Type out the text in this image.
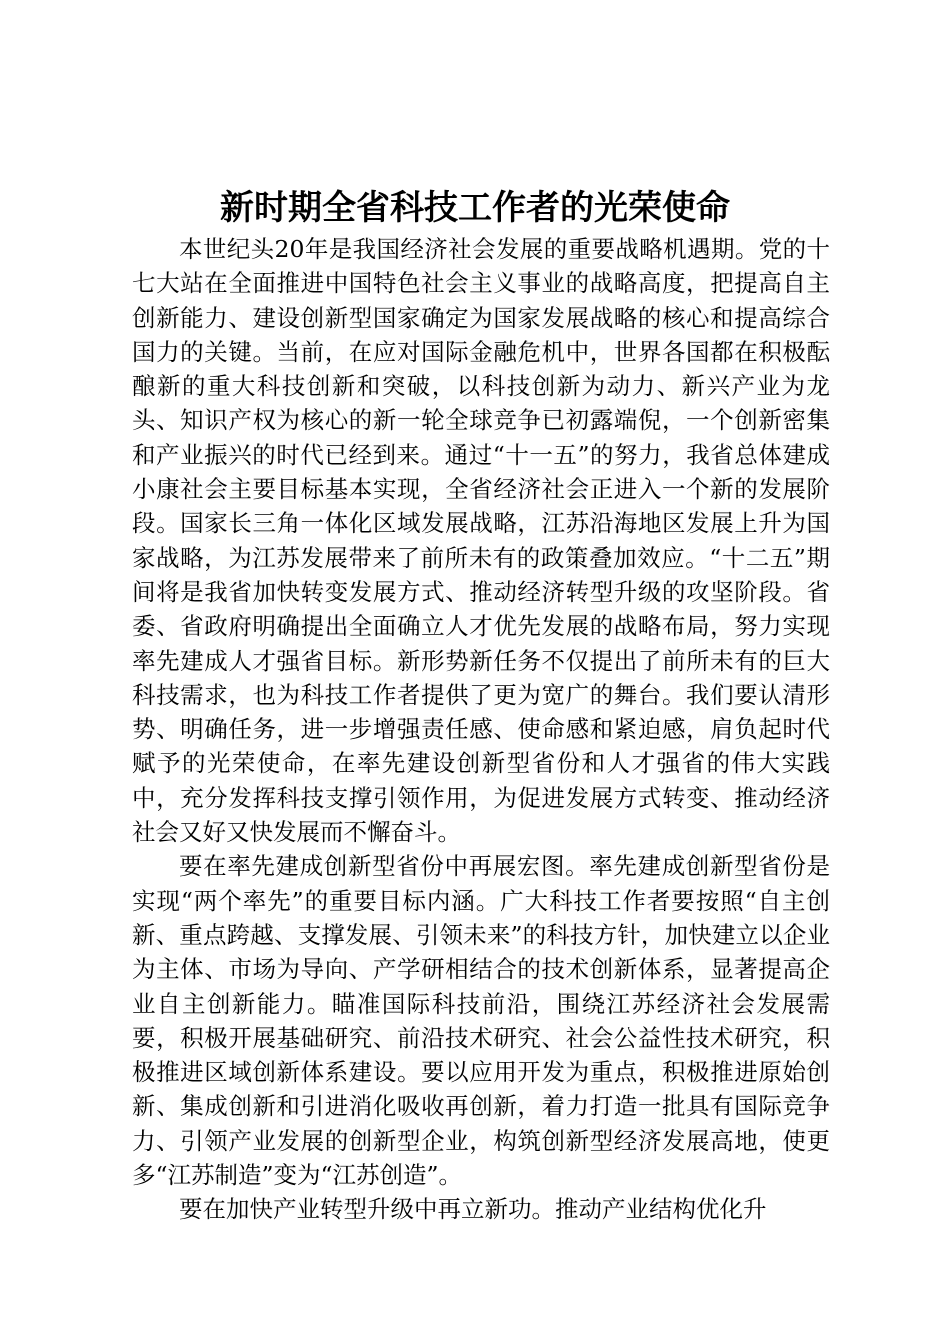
新时期全省科技工作者的光荣使命

本世纪头20年是我国经济社会发展的重要战略机遇期。党的十七大站在全面推进中国特色社会主义事业的战略高度，把提高自主创新能力、建设创新型国家确定为国家发展战略的核心和提高综合国力的关键。当前，在应对国际金融危机中，世界各国都在积极酝酿新的重大科技创新和突破，以科技创新为动力、新兴产业为龙头、知识产权为核心的新一轮全球竞争已初露端倪，一个创新密集和产业振兴的时代已经到来。通过“十一五”的努力，我省总体建成小康社会主要目标基本实现，全省经济社会正进入一个新的发展阶段。国家长三角一体化区域发展战略，江苏沿海地区发展上升为国家战略，为江苏发展带来了前所未有的政策叠加效应。“十二五”期间将是我省加快转变发展方式、推动经济转型升级的攻坚阶段。省委、省政府明确提出全面确立人才优先发展的战略布局，努力实现率先建成人才强省目标。新形势新任务不仅提出了前所未有的巨大科技需求，也为科技工作者提供了更为宽广的舞台。我们要认清形势、明确任务，进一步增强责任感、使命感和紧迫感，肩负起时代赋予的光荣使命，在率先建设创新型省份和人才强省的伟大实践中，充分发挥科技支撑引领作用，为促进发展方式转变、推动经济社会又好又快发展而不懈奋斗。

要在率先建成创新型省份中再展宏图。率先建成创新型省份是实现“两个率先”的重要目标内涵。广大科技工作者要按照“自主创新、重点跨越、支撑发展、引领未来”的科技方针，加快建立以企业为主体、市场为导向、产学研相结合的技术创新体系，显著提高企业自主创新能力。瞄准国际科技前沿，围绕江苏经济社会发展需要，积极开展基础研究、前沿技术研究、社会公益性技术研究，积极推进区域创新体系建设。要以应用开发为重点，积极推进原始创新、集成创新和引进消化吸收再创新，着力打造一批具有国际竞争力、引领产业发展的创新型企业，构筑创新型经济发展高地，使更多“江苏制造”变为“江苏创造”。

要在加快产业转型升级中再立新功。推动产业结构优化升
